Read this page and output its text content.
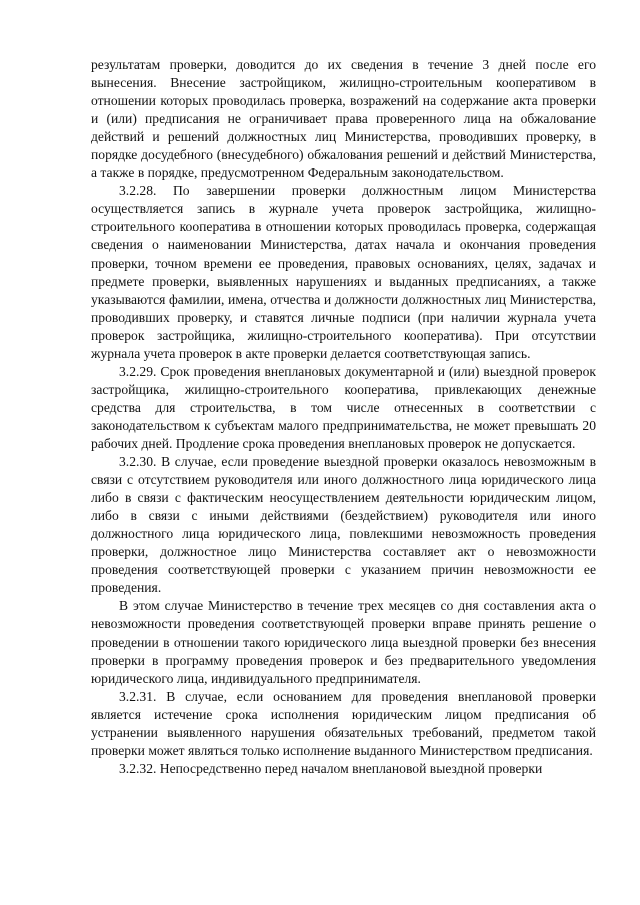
результатам проверки, доводится до их сведения в течение 3 дней после его вынесения. Внесение застройщиком, жилищно-строительным кооперативом в отношении которых проводилась проверка, возражений на содержание акта проверки и (или) предписания не ограничивает права проверенного лица на обжалование действий и решений должностных лиц Министерства, проводивших проверку, в порядке досудебного (внесудебного) обжалования решений и действий Министерства, а также в порядке, предусмотренном Федеральным законодательством.

3.2.28. По завершении проверки должностным лицом Министерства осуществляется запись в журнале учета проверок застройщика, жилищно-строительного кооператива в отношении которых проводилась проверка, содержащая сведения о наименовании Министерства, датах начала и окончания проведения проверки, точном времени ее проведения, правовых основаниях, целях, задачах и предмете проверки, выявленных нарушениях и выданных предписаниях, а также указываются фамилии, имена, отчества и должности должностных лиц Министерства, проводивших проверку, и ставятся личные подписи (при наличии журнала учета проверок застройщика, жилищно-строительного кооператива). При отсутствии журнала учета проверок в акте проверки делается соответствующая запись.

3.2.29. Срок проведения внеплановых документарной и (или) выездной проверок застройщика, жилищно-строительного кооператива, привлекающих денежные средства для строительства, в том числе отнесенных в соответствии с законодательством к субъектам малого предпринимательства, не может превышать 20 рабочих дней. Продление срока проведения внеплановых проверок не допускается.

3.2.30. В случае, если проведение выездной проверки оказалось невозможным в связи с отсутствием руководителя или иного должностного лица юридического лица либо в связи с фактическим неосуществлением деятельности юридическим лицом, либо в связи с иными действиями (бездействием) руководителя или иного должностного лица юридического лица, повлекшими невозможность проведения проверки, должностное лицо Министерства составляет акт о невозможности проведения соответствующей проверки с указанием причин невозможности ее проведения.

В этом случае Министерство в течение трех месяцев со дня составления акта о невозможности проведения соответствующей проверки вправе принять решение о проведении в отношении такого юридического лица выездной проверки без внесения проверки в программу проведения проверок и без предварительного уведомления юридического лица, индивидуального предпринимателя.

3.2.31. В случае, если основанием для проведения внеплановой проверки является истечение срока исполнения юридическим лицом предписания об устранении выявленного нарушения обязательных требований, предметом такой проверки может являться только исполнение выданного Министерством предписания.

3.2.32. Непосредственно перед началом внеплановой выездной проверки
